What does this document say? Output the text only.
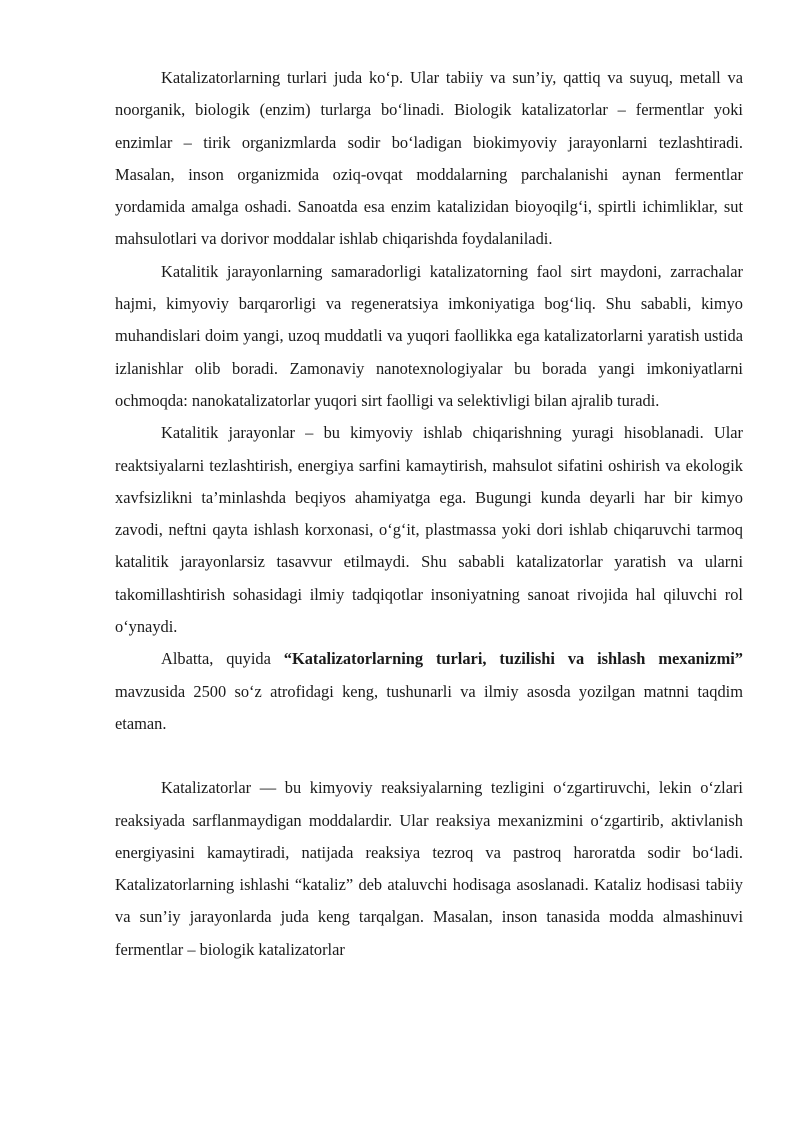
Katalizatorlarning turlari juda ko‘p. Ular tabiiy va sun’iy, qattiq va suyuq, metall va noorganik, biologik (enzim) turlarga bo‘linadi. Biologik katalizatorlar – fermentlar yoki enzimlar – tirik organizmlarda sodir bo‘ladigan biokimyoviy jarayonlarni tezlashtiradi. Masalan, inson organizmida oziq-ovqat moddalarning parchalanishi aynan fermentlar yordamida amalga oshadi. Sanoatda esa enzim katalizidan bioyoqilg‘i, spirtli ichimliklar, sut mahsulotlari va dorivor moddalar ishlab chiqarishda foydalaniladi.

Katalitik jarayonlarning samaradorligi katalizatorning faol sirt maydoni, zarrachalar hajmi, kimyoviy barqarorligi va regeneratsiya imkoniyatiga bog‘liq. Shu sababli, kimyo muhandislari doim yangi, uzoq muddatli va yuqori faollikka ega katalizatorlarni yaratish ustida izlanishlar olib boradi. Zamonaviy nanotexnologiyalar bu borada yangi imkoniyatlarni ochmoqda: nanokatalizatorlar yuqori sirt faolligi va selektivligi bilan ajralib turadi.

Katalitik jarayonlar – bu kimyoviy ishlab chiqarishning yuragi hisoblanadi. Ular reaktsiyalarni tezlashtirish, energiya sarfini kamaytirish, mahsulot sifatini oshirish va ekologik xavfsizlikni ta’minlashda beqiyos ahamiyatga ega. Bugungi kunda deyarli har bir kimyo zavodi, neftni qayta ishlash korxonasi, o‘g‘it, plastmassa yoki dori ishlab chiqaruvchi tarmoq katalitik jarayonlarsiz tasavvur etilmaydi. Shu sababli katalizatorlar yaratish va ularni takomillashtirish sohasidagi ilmiy tadqiqotlar insoniyatning sanoat rivojida hal qiluvchi rol o‘ynaydi.

Albatta, quyida “Katalizatorlarning turlari, tuzilishi va ishlash mexanizmi” mavzusida 2500 so‘z atrofidagi keng, tushunarli va ilmiy asosda yozilgan matnni taqdim etaman.

Katalizatorlar — bu kimyoviy reaksiyalarning tezligini o‘zgartiruvchi, lekin o‘zlari reaksiyada sarflanmaydigan moddalardir. Ular reaksiya mexanizmini o‘zgartirib, aktivlanish energiyasini kamaytiradi, natijada reaksiya tezroq va pastroq haroratda sodir bo‘ladi. Katalizatorlarning ishlashi “kataliz” deb ataluvchi hodisaga asoslanadi. Kataliz hodisasi tabiiy va sun’iy jarayonlarda juda keng tarqalgan. Masalan, inson tanasida modda almashinuvi fermentlar – biologik katalizatorlar
